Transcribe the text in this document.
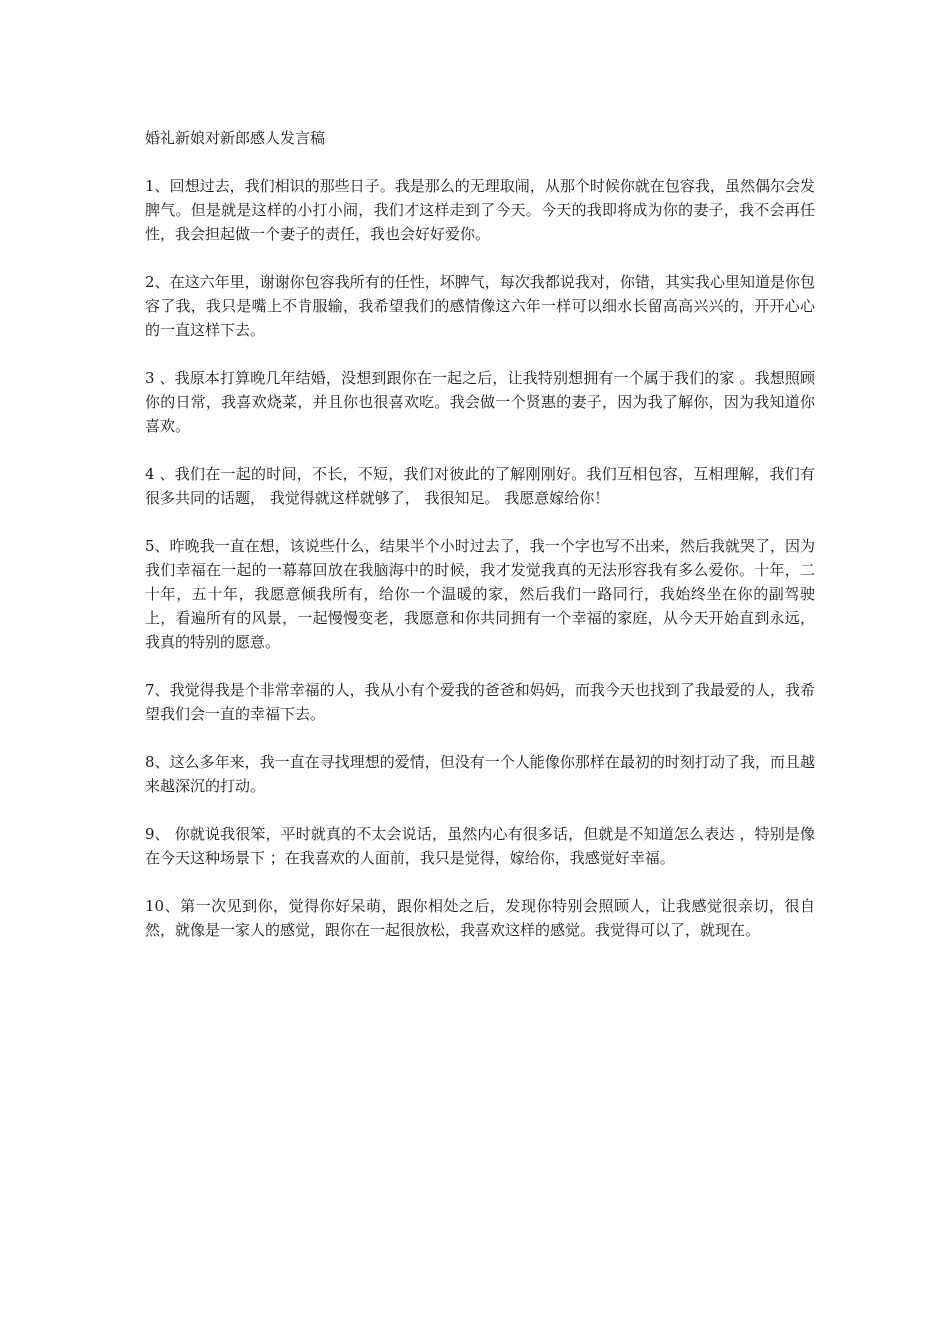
婚礼新娘对新郎感人发言稿

1、回想过去，我们相识的那些日子。我是那么的无理取闹，从那个时候你就在包容我，虽然偶尔会发脾气。但是就是这样的小打小闹，我们才这样走到了今天。今天的我即将成为你的妻子，我不会再任性，我会担起做一个妻子的责任，我也会好好爱你。

2、在这六年里，谢谢你包容我所有的任性，坏脾气，每次我都说我对，你错，其实我心里知道是你包容了我，我只是嘴上不肯服输，我希望我们的感情像这六年一样可以细水长留高高兴兴的，开开心心的一直这样下去。

3 、我原本打算晚几年结婚，没想到跟你在一起之后，让我特别想拥有一个属于我们的家 。我想照顾你的日常，我喜欢烧菜，并且你也很喜欢吃。我会做一个贤惠的妻子，因为我了解你，因为我知道你喜欢。

4 、我们在一起的时间，不长，不短，我们对彼此的了解刚刚好。我们互相包容，互相理解，我们有很多共同的话题， 我觉得就这样就够了， 我很知足。 我愿意嫁给你！

5、昨晚我一直在想，该说些什么，结果半个小时过去了，我一个字也写不出来，然后我就哭了，因为我们幸福在一起的一幕幕回放在我脑海中的时候，我才发觉我真的无法形容我有多么爱你。十年，二十年，五十年，我愿意倾我所有，给你一个温暖的家，然后我们一路同行，我始终坐在你的副驾驶上，看遍所有的风景，一起慢慢变老，我愿意和你共同拥有一个幸福的家庭，从今天开始直到永远，我真的特别的愿意。

7、我觉得我是个非常幸福的人，我从小有个爱我的爸爸和妈妈，而我今天也找到了我最爱的人，我希望我们会一直的幸福下去。

8、这么多年来，我一直在寻找理想的爱情，但没有一个人能像你那样在最初的时刻打动了我，而且越来越深沉的打动。

9、 你就说我很笨，平时就真的不太会说话，虽然内心有很多话，但就是不知道怎么表达 ，特别是像在今天这种场景下 ；在我喜欢的人面前，我只是觉得，嫁给你，我感觉好幸福。

10、第一次见到你，觉得你好呆萌，跟你相处之后，发现你特别会照顾人，让我感觉很亲切，很自然，就像是一家人的感觉，跟你在一起很放松，我喜欢这样的感觉。我觉得可以了，就现在。
